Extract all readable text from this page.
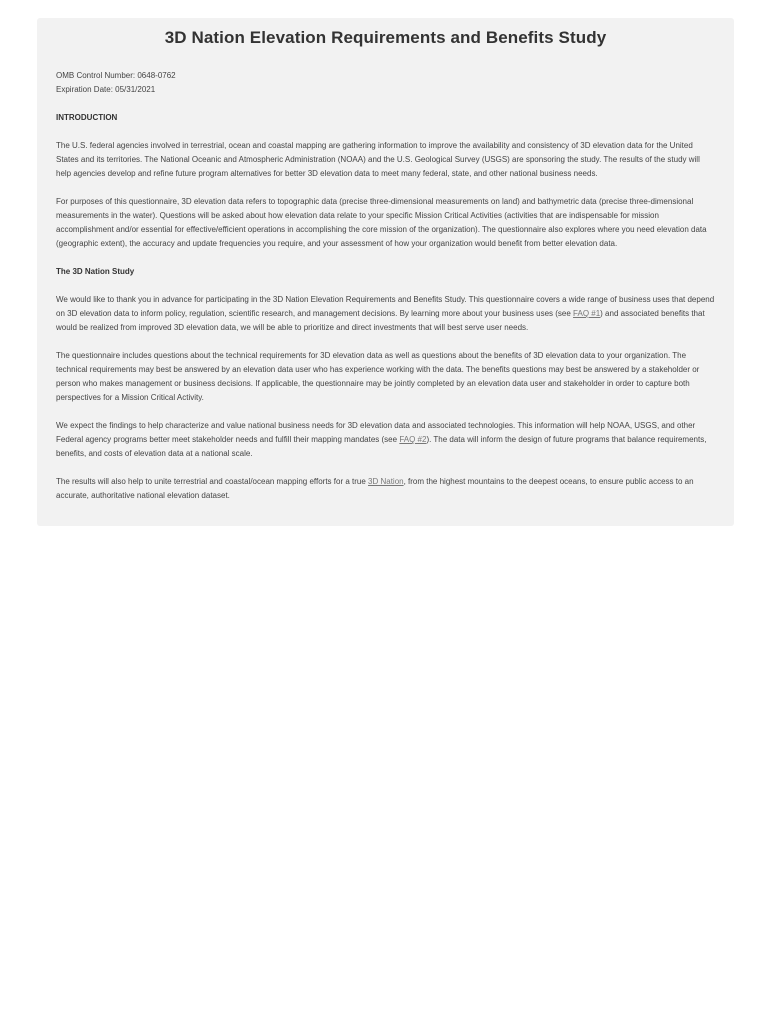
3D Nation Elevation Requirements and Benefits Study
OMB Control Number: 0648-0762
Expiration Date: 05/31/2021
INTRODUCTION

The U.S. federal agencies involved in terrestrial, ocean and coastal mapping are gathering information to improve the availability and consistency of 3D elevation data for the United States and its territories. The National Oceanic and Atmospheric Administration (NOAA) and the U.S. Geological Survey (USGS) are sponsoring the study. The results of the study will help agencies develop and refine future program alternatives for better 3D elevation data to meet many federal, state, and other national business needs.

For purposes of this questionnaire, 3D elevation data refers to topographic data (precise three-dimensional measurements on land) and bathymetric data (precise three-dimensional measurements in the water). Questions will be asked about how elevation data relate to your specific Mission Critical Activities (activities that are indispensable for mission accomplishment and/or essential for effective/efficient operations in accomplishing the core mission of the organization). The questionnaire also explores where you need elevation data (geographic extent), the accuracy and update frequencies you require, and your assessment of how your organization would benefit from better elevation data.

The 3D Nation Study

We would like to thank you in advance for participating in the 3D Nation Elevation Requirements and Benefits Study. This questionnaire covers a wide range of business uses that depend on 3D elevation data to inform policy, regulation, scientific research, and management decisions. By learning more about your business uses (see FAQ #1) and associated benefits that would be realized from improved 3D elevation data, we will be able to prioritize and direct investments that will best serve user needs.

The questionnaire includes questions about the technical requirements for 3D elevation data as well as questions about the benefits of 3D elevation data to your organization. The technical requirements may best be answered by an elevation data user who has experience working with the data. The benefits questions may best be answered by a stakeholder or person who makes management or business decisions. If applicable, the questionnaire may be jointly completed by an elevation data user and stakeholder in order to capture both perspectives for a Mission Critical Activity.

We expect the findings to help characterize and value national business needs for 3D elevation data and associated technologies. This information will help NOAA, USGS, and other Federal agency programs better meet stakeholder needs and fulfill their mapping mandates (see FAQ #2). The data will inform the design of future programs that balance requirements, benefits, and costs of elevation data at a national scale.

The results will also help to unite terrestrial and coastal/ocean mapping efforts for a true 3D Nation, from the highest mountains to the deepest oceans, to ensure public access to an accurate, authoritative national elevation dataset.
